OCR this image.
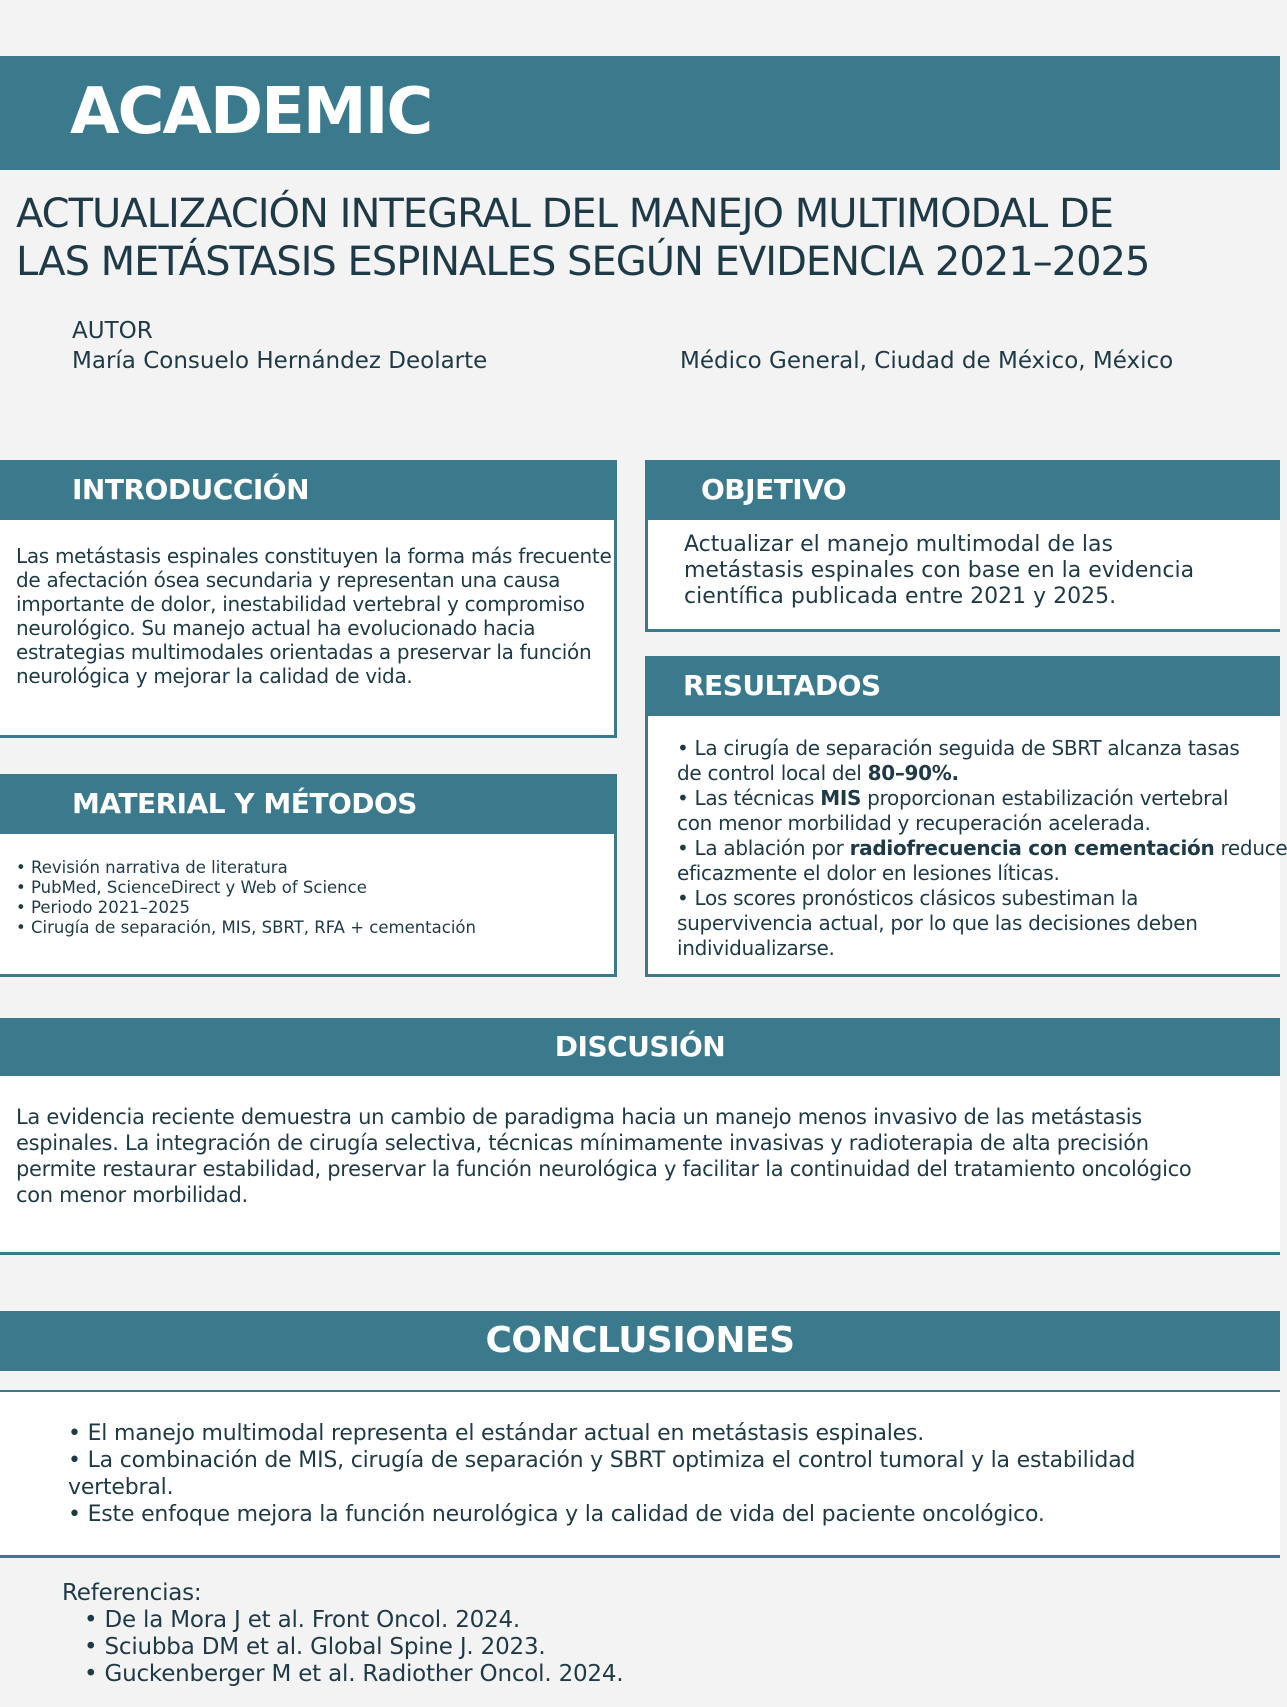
ACADEMIC
ACTUALIZACIÓN INTEGRAL DEL MANEJO MULTIMODAL DE
LAS METÁSTASIS ESPINALES SEGÚN EVIDENCIA 2021–2025
AUTOR
María Consuelo Hernández Deolarte	Médico General, Ciudad de México, México
INTRODUCCIÓN
Las metástasis espinales constituyen la forma más frecuente
de afectación ósea secundaria y representan una causa
importante de dolor, inestabilidad vertebral y compromiso
neurológico. Su manejo actual ha evolucionado hacia
estrategias multimodales orientadas a preservar la función
neurológica y mejorar la calidad de vida.
OBJETIVO
Actualizar el manejo multimodal de las
metástasis espinales con base en la evidencia
científica publicada entre 2021 y 2025.
MATERIAL Y MÉTODOS
• Revisión narrativa de literatura
• PubMed, ScienceDirect y Web of Science
• Periodo 2021–2025
• Cirugía de separación, MIS, SBRT, RFA + cementación
RESULTADOS
• La cirugía de separación seguida de SBRT alcanza tasas
de control local del 80–90%.
• Las técnicas MIS proporcionan estabilización vertebral
con menor morbilidad y recuperación acelerada.
• La ablación por radiofrecuencia con cementación reduce
eficazmente el dolor en lesiones líticas.
• Los scores pronósticos clásicos subestiman la
supervivencia actual, por lo que las decisiones deben
individualizarse.
DISCUSIÓN
La evidencia reciente demuestra un cambio de paradigma hacia un manejo menos invasivo de las metástasis
espinales. La integración de cirugía selectiva, técnicas mínimamente invasivas y radioterapia de alta precisión
permite restaurar estabilidad, preservar la función neurológica y facilitar la continuidad del tratamiento oncológico
con menor morbilidad.
CONCLUSIONES
• El manejo multimodal representa el estándar actual en metástasis espinales.
• La combinación de MIS, cirugía de separación y SBRT optimiza el control tumoral y la estabilidad
vertebral.
• Este enfoque mejora la función neurológica y la calidad de vida del paciente oncológico.
Referencias:
• De la Mora J et al. Front Oncol. 2024.
• Sciubba DM et al. Global Spine J. 2023.
• Guckenberger M et al. Radiother Oncol. 2024.
